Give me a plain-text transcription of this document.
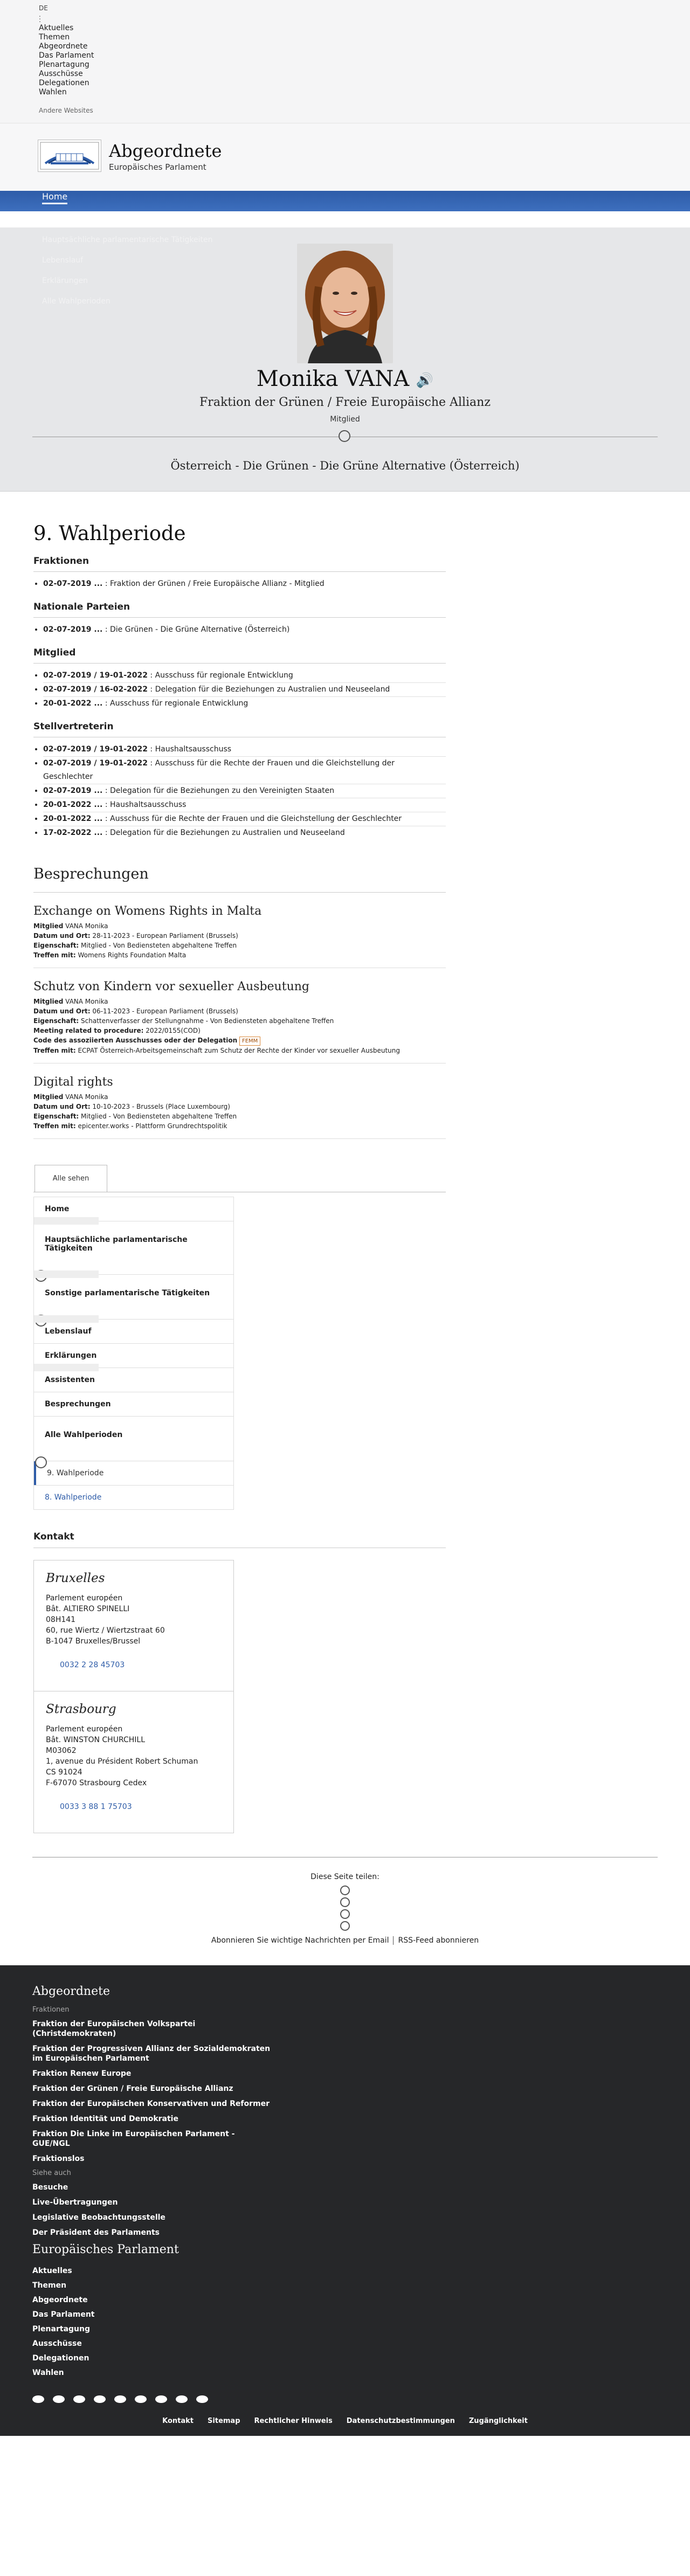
DE
.
:
Aktuelles
Themen
Abgeordnete
Das Parlament
Plenartagung
Ausschüsse
Delegationen
Wahlen
Andere Websites
Abgeordnete
Europäisches Parlament
Home
Hauptsächliche parlamentarische Tätigkeiten
Lebenslauf
Erklärungen
Alle Wahlperioden
Monika VANA 🔊
Fraktion der Grünen / Freie Europäische Allianz
Mitglied
Österreich - Die Grünen - Die Grüne Alternative (Österreich)
9. Wahlperiode
Fraktionen
• 02-07-2019 ... : Fraktion der Grünen / Freie Europäische Allianz - Mitglied
Nationale Parteien
• 02-07-2019 ... : Die Grünen - Die Grüne Alternative (Österreich)
Mitglied
• 02-07-2019 / 19-01-2022 : Ausschuss für regionale Entwicklung
• 02-07-2019 / 16-02-2022 : Delegation für die Beziehungen zu Australien und Neuseeland
• 20-01-2022 ... : Ausschuss für regionale Entwicklung
Stellvertreterin
• 02-07-2019 / 19-01-2022 : Haushaltsausschuss
• 02-07-2019 / 19-01-2022 : Ausschuss für die Rechte der Frauen und die Gleichstellung der Geschlechter
• 02-07-2019 ... : Delegation für die Beziehungen zu den Vereinigten Staaten
• 20-01-2022 ... : Haushaltsausschuss
• 20-01-2022 ... : Ausschuss für die Rechte der Frauen und die Gleichstellung der Geschlechter
• 17-02-2022 ... : Delegation für die Beziehungen zu Australien und Neuseeland
Besprechungen
Exchange on Womens Rights in Malta

Mitglied VANA Monika

Datum und Ort: 28-11-2023 - European Parliament (Brussels)

Eigenschaft: Mitglied - Von Bediensteten abgehaltene Treffen

Treffen mit: Womens Rights Foundation Malta

Schutz von Kindern vor sexueller Ausbeutung

Mitglied VANA Monika

Datum und Ort: 06-11-2023 - European Parliament (Brussels)

Eigenschaft: Schattenverfasser der Stellungnahme - Von Bediensteten abgehaltene Treffen

Meeting related to procedure: 2022/0155(COD)

Code des assoziierten Ausschusses oder der Delegation FEMM

Treffen mit: ECPAT Österreich-Arbeitsgemeinschaft zum Schutz der Rechte der Kinder vor sexueller Ausbeutung

Digital rights

Mitglied VANA Monika

Datum und Ort: 10-10-2023 - Brussels (Place Luxembourg)

Eigenschaft: Mitglied - Von Bediensteten abgehaltene Treffen

Treffen mit: epicenter.works - Plattform Grundrechtspolitik

Alle sehen
Home
Hauptsächliche parlamentarische Tätigkeiten
Sonstige parlamentarische Tätigkeiten
Lebenslauf
Erklärungen
Assistenten
Besprechungen
Alle Wahlperioden
9. Wahlperiode
8. Wahlperiode
Kontakt
Bruxelles

Parlement européen

Bât. ALTIERO SPINELLI

08H141

60, rue Wiertz / Wiertzstraat 60

B-1047 Bruxelles/Brussel

0032 2 28 45703
Strasbourg

Parlement européen

Bât. WINSTON CHURCHILL

M03062

1, avenue du Président Robert Schuman

CS 91024

F-67070 Strasbourg Cedex

0033 3 88 1 75703
Diese Seite teilen:
Abonnieren Sie wichtige Nachrichten per Email RSS-Feed abonnieren
Abgeordnete
Fraktionen
Fraktion der Europäischen Volkspartei (Christdemokraten)
Fraktion der Progressiven Allianz der Sozialdemokraten im Europäischen Parlament
Fraktion Renew Europe
Fraktion der Grünen / Freie Europäische Allianz
Fraktion der Europäischen Konservativen und Reformer
Fraktion Identität und Demokratie
Fraktion Die Linke im Europäischen Parlament - GUE/NGL
Fraktionslos
Siehe auch
Besuche
Live-Übertragungen
Legislative Beobachtungsstelle
Der Präsident des Parlaments
Europäisches Parlament
Aktuelles
Themen
Abgeordnete
Das Parlament
Plenartagung
Ausschüsse
Delegationen
Wahlen
Kontakt Sitemap Rechtlicher Hinweis Datenschutzbestimmungen Zugänglichkeit
